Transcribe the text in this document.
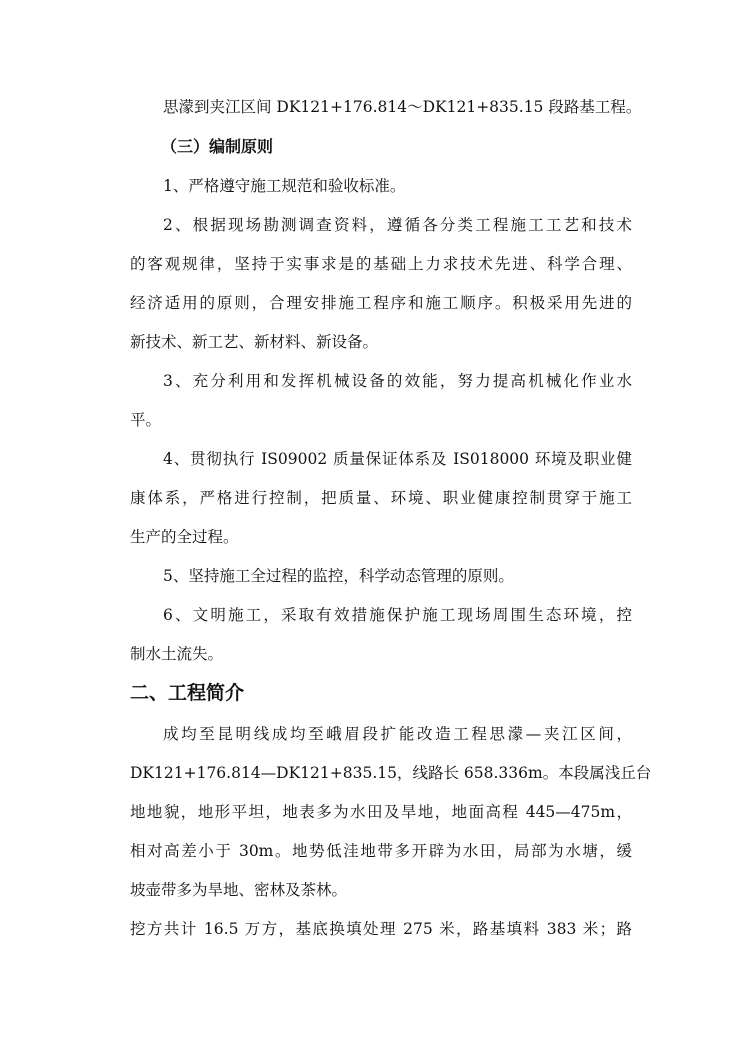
思濛到夹江区间 DK121+176.814～DK121+835.15 段路基工程。
（三）编制原则
1、严格遵守施工规范和验收标准。
2、根据现场勘测调查资料，遵循各分类工程施工工艺和技术
的客观规律，坚持于实事求是的基础上力求技术先进、科学合理、
经济适用的原则，合理安排施工程序和施工顺序。积极采用先进的
新技术、新工艺、新材料、新设备。
3、充分利用和发挥机械设备的效能，努力提高机械化作业水
平。
4、贯彻执行 IS09002 质量保证体系及 IS018000 环境及职业健
康体系，严格进行控制，把质量、环境、职业健康控制贯穿于施工
生产的全过程。
5、坚持施工全过程的监控，科学动态管理的原则。
6、文明施工，采取有效措施保护施工现场周围生态环境，控
制水土流失。
二、工程简介
成均至昆明线成均至峨眉段扩能改造工程思濛—夹江区间，
DK121+176.814—DK121+835.15，线路长 658.336m。本段属浅丘台
地地貌，地形平坦，地表多为水田及旱地，地面高程 445—475m，
相对高差小于 30m。地势低洼地带多开辟为水田，局部为水塘，缓
坡壶带多为旱地、密林及茶林。
挖方共计 16.5 万方，基底换填处理 275 米，路基填料 383 米；路
